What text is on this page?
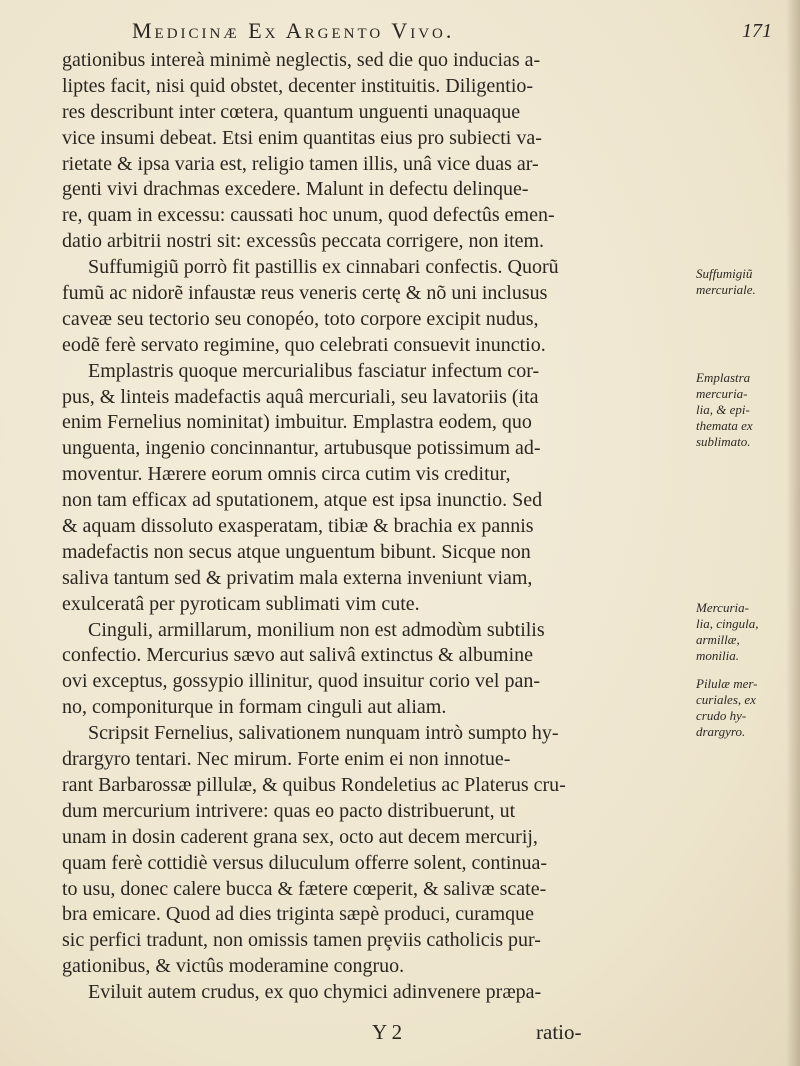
Medicinæ Ex Argento Vivo.	171
gationibus intereà minimè neglectis, sed die quo inducias a-
liptes facit, nisi quid obstet, decenter instituitis. Diligentio-
res describunt inter cœtera, quantum unguenti unaquaque
vice insumi debeat. Etsi enim quantitas eius pro subiecti va-
rietate & ipsa varia est, religio tamen illis, unâ vice duas ar-
genti vivi drachmas excedere. Malunt in defectu delinque-
re, quam in excessu: caussati hoc unum, quod defectûs emen-
datio arbitrii nostri sit: excessûs peccata corrigere, non item.
Suffumigiũ porrò fit pastillis ex cinnabari confectis. Quorũ
fumũ ac nidorẽ infaustæ reus veneris certę & nõ uni inclusus
caveæ seu tectorio seu conopéo, toto corpore excipit nudus,
eodẽ ferè servato regimine, quo celebrati consuevit inunctio.
Emplastris quoque mercurialibus fasciatur infectum cor-
pus, & linteis madefactis aquâ mercuriali, seu lavatoriis (ita
enim Fernelius nominitat) imbuitur. Emplastra eodem, quo
unguenta, ingenio concinnantur, artubusque potissimum ad-
moventur. Hærere eorum omnis circa cutim vis creditur,
non tam efficax ad sputationem, atque est ipsa inunctio. Sed
& aquam dissoluto exasperatam, tibiæ & brachia ex pannis
madefactis non secus atque unguentum bibunt. Sicque non
saliva tantum sed & privatim mala externa inveniunt viam,
exulceratâ per pyroticam sublimati vim cute.
Cinguli, armillarum, monilium non est admodùm subtilis
confectio. Mercurius sævo aut salivâ extinctus & albumine
ovi exceptus, gossypio illinitur, quod insuitur corio vel pan-
no, componiturque in formam cinguli aut aliam.
Scripsit Fernelius, salivationem nunquam intrò sumpto hy-
drargyro tentari. Nec mirum. Forte enim ei non innotue-
rant Barbarossæ pillulæ, & quibus Rondeletius ac Platerus cru-
dum mercurium intrivere: quas eo pacto distribuerunt, ut
unam in dosin caderent grana sex, octo aut decem mercurij,
quam ferè cottidiè versus diluculum offerre solent, continua-
to usu, donec calere bucca & fætere cœperit, & salivæ scate-
bra emicare. Quod ad dies triginta sæpè produci, curamque
sic perfici tradunt, non omissis tamen prȩviis catholicis pur-
gationibus, & victûs moderamine congruo.
Eviluit autem crudus, ex quo chymici adinvenere præpa-
Suffumigiũ
mercuriale.
Emplastra
mercuria-
lia, & epi-
themata ex
sublimato.
Mercuria-
lia, cingula,
armillæ,
monilia.
Pilulæ mer-
curiales, ex
crudo hy-
drargyro.
Y 2	ratio-
